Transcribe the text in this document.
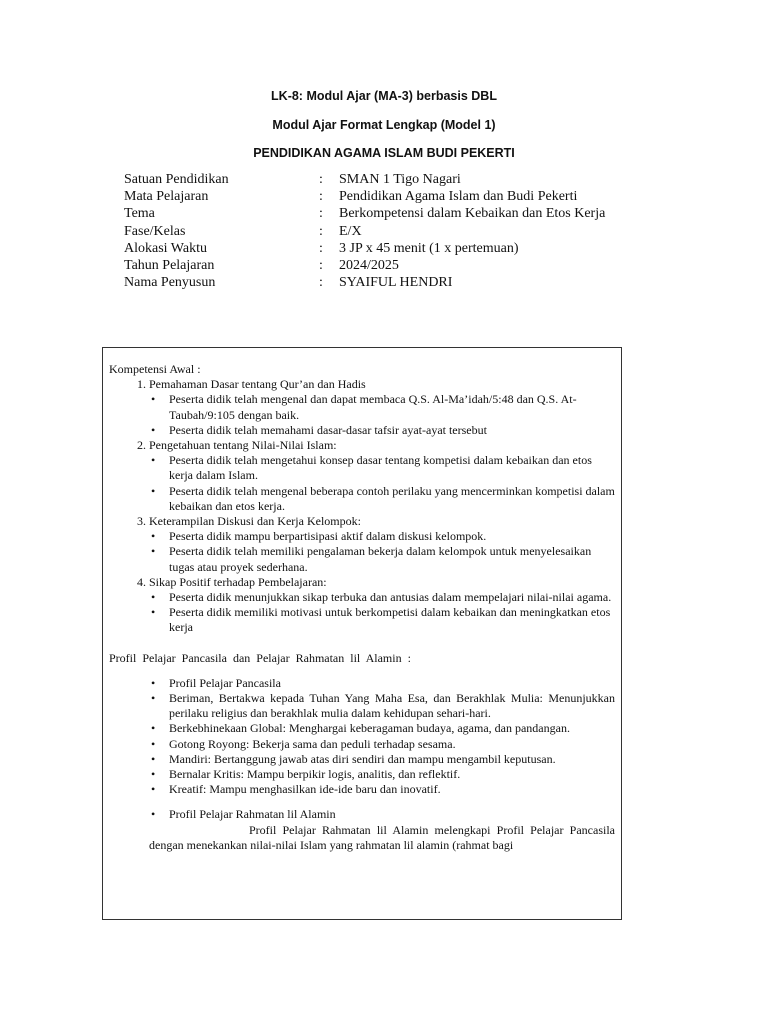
LK-8: Modul Ajar (MA-3) berbasis DBL

Modul Ajar Format Lengkap (Model 1)

PENDIDIKAN AGAMA ISLAM BUDI PEKERTI

Satuan Pendidikan	:	SMAN 1 Tigo Nagari
Mata Pelajaran	:	Pendidikan Agama Islam dan Budi Pekerti
Tema	:	Berkompetensi dalam Kebaikan dan Etos Kerja
Fase/Kelas	:	E/X
Alokasi Waktu	:	3 JP x 45 menit (1 x pertemuan)
Tahun Pelajaran	:	2024/2025
Nama Penyusun	:	SYAIFUL HENDRI

Kompetensi Awal :

1. Pemahaman Dasar tentang Qur’an dan Hadis
• Peserta didik telah mengenal dan dapat membaca Q.S. Al-Ma’idah/5:48 dan Q.S. At-Taubah/9:105 dengan baik.
• Peserta didik telah memahami dasar-dasar tafsir ayat-ayat tersebut
2. Pengetahuan tentang Nilai-Nilai Islam:
• Peserta didik telah mengetahui konsep dasar tentang kompetisi dalam kebaikan dan etos kerja dalam Islam.
• Peserta didik telah mengenal beberapa contoh perilaku yang mencerminkan kompetisi dalam kebaikan dan etos kerja.
3. Keterampilan Diskusi dan Kerja Kelompok:
• Peserta didik mampu berpartisipasi aktif dalam diskusi kelompok.
• Peserta didik telah memiliki pengalaman bekerja dalam kelompok untuk menyelesaikan tugas atau proyek sederhana.
4. Sikap Positif terhadap Pembelajaran:
• Peserta didik menunjukkan sikap terbuka dan antusias dalam mempelajari nilai-nilai agama.
• Peserta didik memiliki motivasi untuk berkompetisi dalam kebaikan dan meningkatkan etos kerja

Profil Pelajar Pancasila dan Pelajar Rahmatan lil Alamin :

• Profil Pelajar Pancasila
• Beriman, Bertakwa kepada Tuhan Yang Maha Esa, dan Berakhlak Mulia: Menunjukkan perilaku religius dan berakhlak mulia dalam kehidupan sehari-hari.
• Berkebhinekaan Global: Menghargai keberagaman budaya, agama, dan pandangan.
• Gotong Royong: Bekerja sama dan peduli terhadap sesama.
• Mandiri: Bertanggung jawab atas diri sendiri dan mampu mengambil keputusan.
• Bernalar Kritis: Mampu berpikir logis, analitis, dan reflektif.
• Kreatif: Mampu menghasilkan ide-ide baru dan inovatif.
• Profil Pelajar Rahmatan lil Alamin

Profil Pelajar Rahmatan lil Alamin melengkapi Profil Pelajar Pancasila dengan menekankan nilai-nilai Islam yang rahmatan lil alamin (rahmat bagi
